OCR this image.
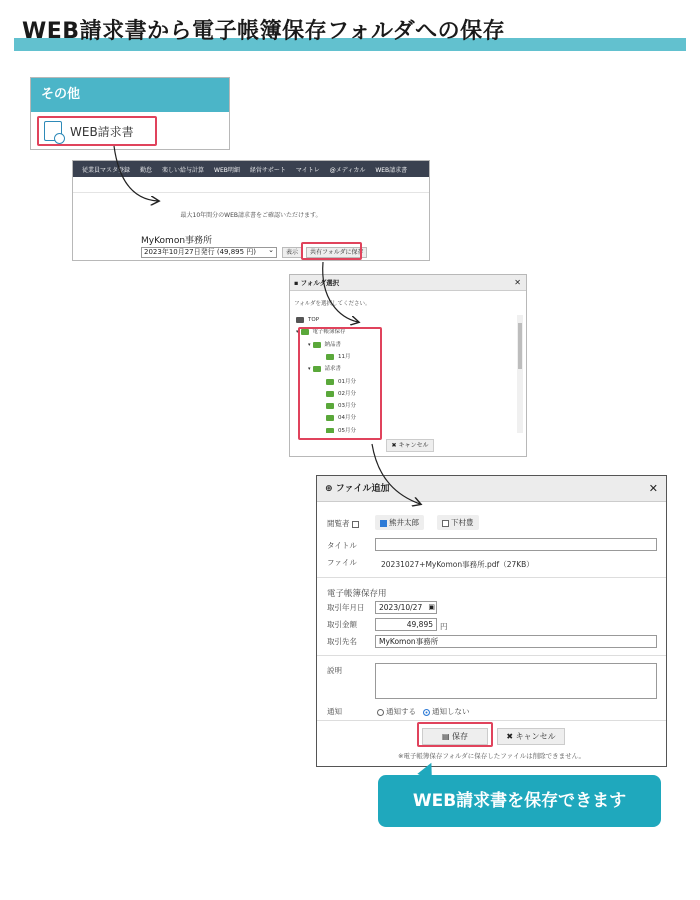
WEB請求書から電子帳簿保存フォルダへの保存
その他
WEB請求書
従業員マスタ登録	勤怠	楽しい給与計算	WEB明細	経営サポート	マイトレ	@メディカル	WEB請求書
最大10年間分のWEB請求書をご確認いただけます。
MyKomon事務所
2023年10月27日発行 (49,895 円) ⌄	表示	共有フォルダに保存
▪ フォルダ選択	✕
フォルダを選択してください。
TOP
▾	電子帳簿保存
▾	納品書
11月
▾	請求書
01月分
02月分
03月分
04月分
05月分
✖ キャンセル
⊕ ファイル追加	✕
閲覧者	熊井太郎	下村豊
タイトル
ファイル	20231027+MyKomon事務所.pdf（27KB）
電子帳簿保存用
取引年月日	2023/10/27 ▣
取引金額	49,895 円
取引先名	MyKomon事務所
説明
通知	通知する	通知しない
▤ 保存	✖ キャンセル
※電子帳簿保存フォルダに保存したファイルは削除できません。
WEB請求書を保存できます
